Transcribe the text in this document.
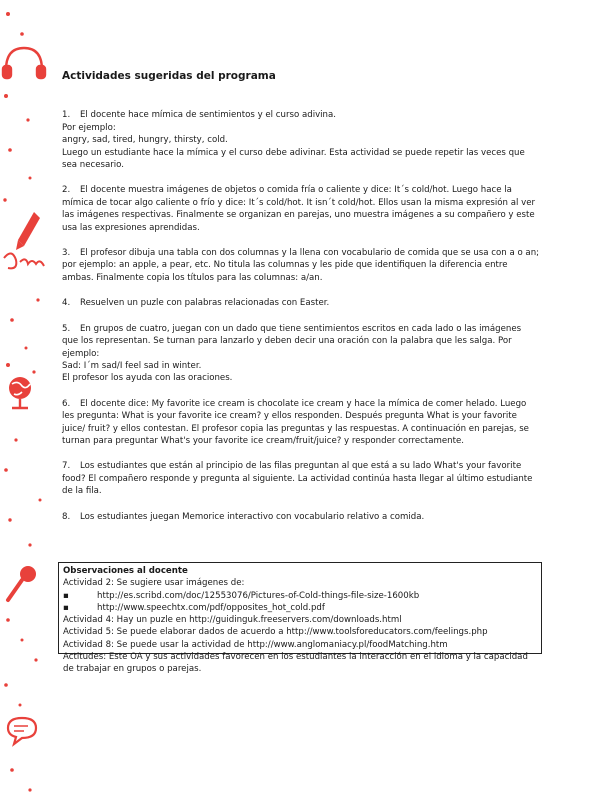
Actividades sugeridas del programa

1. El docente hace mímica de sentimientos y el curso adivina.

Por ejemplo:

angry, sad, tired, hungry, thirsty, cold.

Luego un estudiante hace la mímica y el curso debe adivinar. Esta actividad se puede repetir las veces que sea necesario.

2. El docente muestra imágenes de objetos o comida fría o caliente y dice: It´s cold/hot. Luego hace la mímica de tocar algo caliente o frío y dice: It´s cold/hot. It isn´t cold/hot. Ellos usan la misma expresión al ver las imágenes respectivas. Finalmente se organizan en parejas, uno muestra imágenes a su compañero y este usa las expresiones aprendidas.

3. El profesor dibuja una tabla con dos columnas y la llena con vocabulario de comida que se usa con a o an; por ejemplo: an apple, a pear, etc. No titula las columnas y les pide que identifiquen la diferencia entre ambas. Finalmente copia los títulos para las columnas: a/an.

4. Resuelven un puzle con palabras relacionadas con Easter.

5. En grupos de cuatro, juegan con un dado que tiene sentimientos escritos en cada lado o las imágenes que los representan. Se turnan para lanzarlo y deben decir una oración con la palabra que les salga. Por ejemplo:

Sad: I´m sad/I feel sad in winter.

El profesor los ayuda con las oraciones.

6. El docente dice: My favorite ice cream is chocolate ice cream y hace la mímica de comer helado. Luego les pregunta: What is your favorite ice cream? y ellos responden. Después pregunta What is your favorite juice/ fruit? y ellos contestan. El profesor copia las preguntas y las respuestas. A continuación en parejas, se turnan para preguntar What's your favorite ice cream/fruit/juice? y responder correctamente.

7. Los estudiantes que están al principio de las filas preguntan al que está a su lado What's your favorite food? El compañero responde y pregunta al siguiente. La actividad continúa hasta llegar al último estudiante de la fila.

8. Los estudiantes juegan Memorice interactivo con vocabulario relativo a comida.

Observaciones al docente

Actividad 2: Se sugiere usar imágenes de:

▪	http://es.scribd.com/doc/12553076/Pictures-of-Cold-things-file-size-1600kb
▪	http://www.speechtx.com/pdf/opposites_hot_cold.pdf

Actividad 4: Hay un puzle en http://guidinguk.freeservers.com/downloads.html

Actividad 5: Se puede elaborar dados de acuerdo a http://www.toolsforeducators.com/feelings.php

Actividad 8: Se puede usar la actividad de http://www.anglomaniacy.pl/foodMatching.htm

Actitudes: Este OA y sus actividades favorecen en los estudiantes la interacción en el idioma y la capacidad de trabajar en grupos o parejas.
